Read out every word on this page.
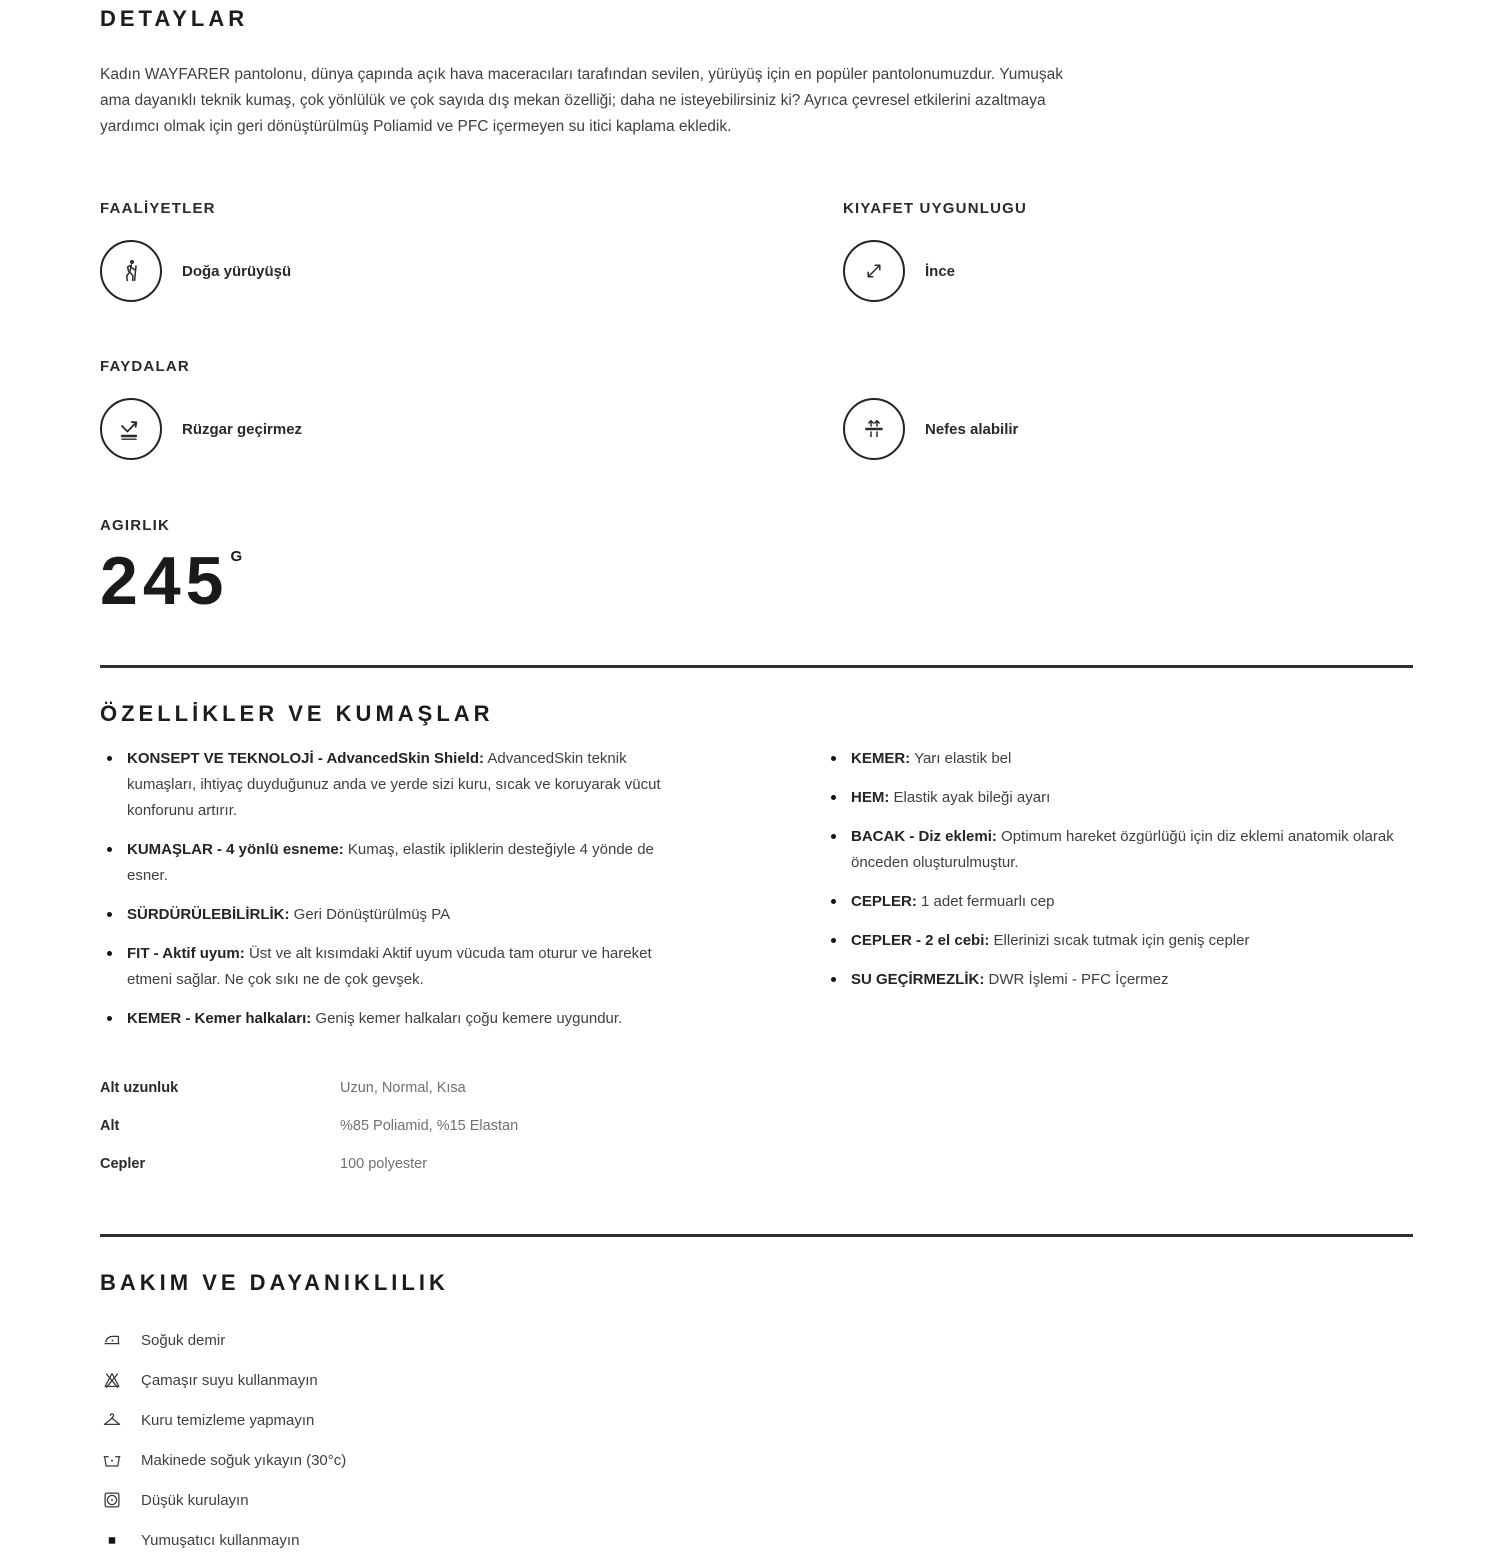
DETAYLAR

Kadın WAYFARER pantolonu, dünya çapında açık hava maceracıları tarafından sevilen, yürüyüş için en popüler pantolonumuzdur. Yumuşak ama dayanıklı teknik kumaş, çok yönlülük ve çok sayıda dış mekan özelliği; daha ne isteyebilirsiniz ki? Ayrıca çevresel etkilerini azaltmaya yardımcı olmak için geri dönüştürülmüş Poliamid ve PFC içermeyen su itici kaplama ekledik.

FAALİYETLER
Doğa yürüyüşü
KIYAFET UYGUNLUGU
İnce
FAYDALAR
Rüzgar geçirmez	Nefes alabilir
AGIRLIK
245 $^G$
ÖZELLİKLER VE KUMAŞLAR
KONSEPT VE TEKNOLOJİ - AdvancedSkin Shield: AdvancedSkin teknik kumaşları, ihtiyaç duyduğunuz anda ve yerde sizi kuru, sıcak ve koruyarak vücut konforunu artırır.
KUMAŞLAR - 4 yönlü esneme: Kumaş, elastik ipliklerin desteğiyle 4 yönde de esner.
SÜRDÜRÜLEBİLİRLİK: Geri Dönüştürülmüş PA
FIT - Aktif uyum: Üst ve alt kısımdaki Aktif uyum vücuda tam oturur ve hareket etmeni sağlar. Ne çok sıkı ne de çok gevşek.
KEMER - Kemer halkaları: Geniş kemer halkaları çoğu kemere uygundur.
KEMER: Yarı elastik bel
HEM: Elastik ayak bileği ayarı
BACAK - Diz eklemi: Optimum hareket özgürlüğü için diz eklemi anatomik olarak önceden oluşturulmuştur.
CEPLER: 1 adet fermuarlı cep
CEPLER - 2 el cebi: Ellerinizi sıcak tutmak için geniş cepler
SU GEÇİRMEZLİK: DWR İşlemi - PFC İçermez
Alt uzunluk	Uzun, Normal, Kısa
Alt	%85 Poliamid, %15 Elastan
Cepler	100 polyester
BAKIM VE DAYANIKLILIK
Soğuk demir
Çamaşır suyu kullanmayın
Kuru temizleme yapmayın
Makinede soğuk yıkayın (30°c)
Düşük kurulayın
Yumuşatıcı kullanmayın
